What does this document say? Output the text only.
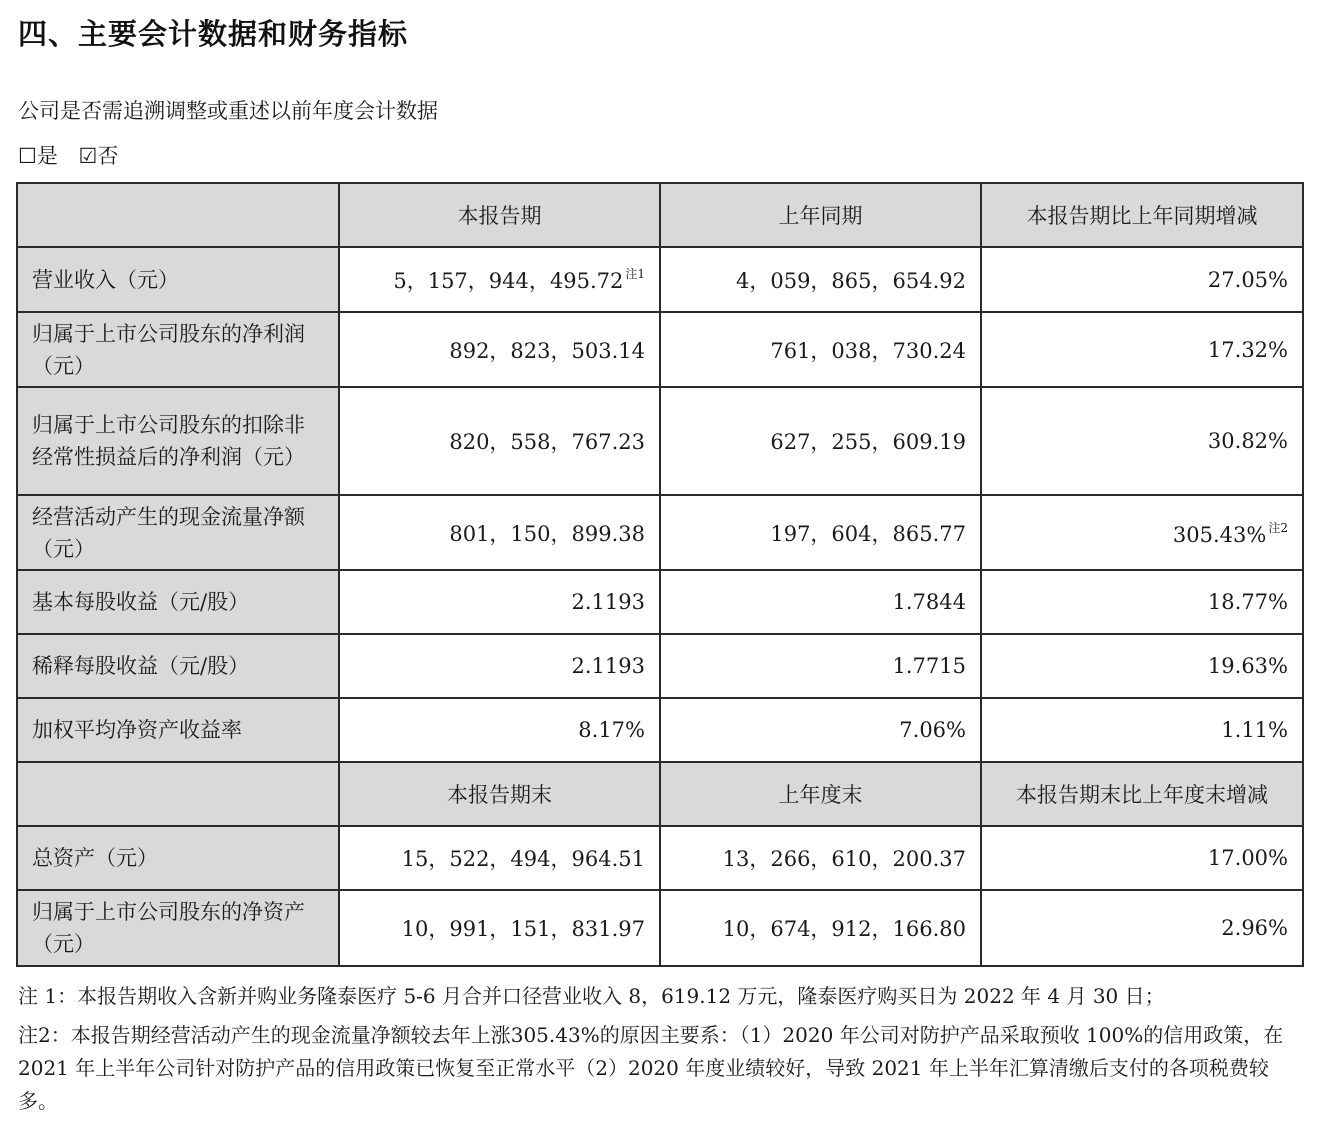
四、主要会计数据和财务指标
公司是否需追溯调整或重述以前年度会计数据
☐是 ☑否
	本报告期	上年同期	本报告期比上年同期增减
营业收入（元）	5，157，944，495.72 $^{注1}$	4，059，865，654.92	27.05%
归属于上市公司股东的净利润（元）	892，823，503.14	761，038，730.24	17.32%
归属于上市公司股东的扣除非经常性损益后的净利润（元）	820，558，767.23	627，255，609.19	30.82%
经营活动产生的现金流量净额（元）	801，150，899.38	197，604，865.77	305.43% $^{注2}$
基本每股收益（元/股）	2.1193	1.7844	18.77%
稀释每股收益（元/股）	2.1193	1.7715	19.63%
加权平均净资产收益率	8.17%	7.06%	1.11%
	本报告期末	上年度末	本报告期末比上年度末增减
总资产（元）	15，522，494，964.51	13，266，610，200.37	17.00%
归属于上市公司股东的净资产（元）	10，991，151，831.97	10，674，912，166.80	2.96%

注 1：本报告期收入含新并购业务隆泰医疗 5-6 月合并口径营业收入 8，619.12 万元，隆泰医疗购买日为 2022 年 4 月 30 日；

注2：本报告期经营活动产生的现金流量净额较去年上涨305.43%的原因主要系：（1）2020 年公司对防护产品采取预收 100%的信用政策，在 2021 年上半年公司针对防护产品的信用政策已恢复至正常水平（2）2020 年度业绩较好，导致 2021 年上半年汇算清缴后支付的各项税费较多。
